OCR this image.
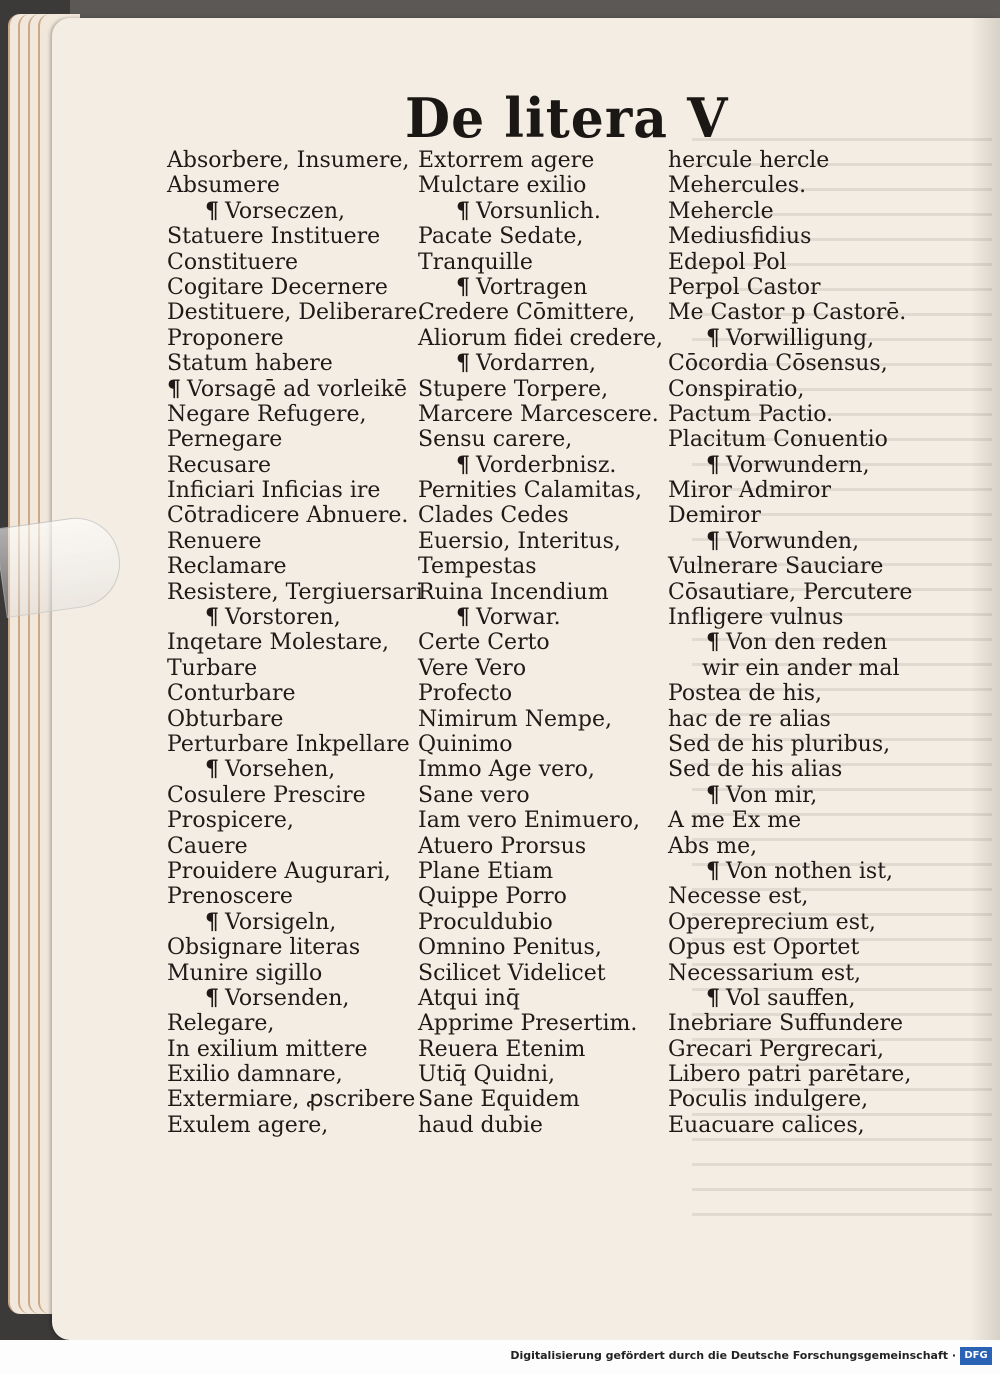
De litera V
Absorbere, Insumere,
Absumere
¶ Vorseczen,
Statuere Instituere
Constituere
Cogitare Decernere
Destituere, Deliberare.
Proponere
Statum habere
¶ Vorsagē ad vorleikē
Negare Refugere,
Pernegare
Recusare
Inficiari Inficias ire
Cōtradicere Abnuere.
Renuere
Reclamare
Resistere, Tergiuersari
¶ Vorstoren,
Inqetare Molestare,
Turbare
Conturbare
Obturbare
Perturbare Inkpellare
¶ Vorsehen,
Cosulere Prescire
Prospicere,
Cauere
Prouidere Augurari,
Prenoscere
¶ Vorsigeln,
Obsignare literas
Munire sigillo
¶ Vorsenden,
Relegare,
In exilium mittere
Exilio damnare,
Extermiare, ꝓscribere
Exulem agere,
Extorrem agere
Mulctare exilio
¶ Vorsunlich.
Pacate Sedate,
Tranquille
¶ Vortragen
Credere Cōmittere,
Aliorum fidei credere,
¶ Vordarren,
Stupere Torpere,
Marcere Marcescere.
Sensu carere,
¶ Vorderbnisz.
Pernities Calamitas,
Clades Cedes
Euersio, Interitus,
Tempestas
Ruina Incendium
¶ Vorwar.
Certe Certo
Vere Vero
Profecto
Nimirum Nempe,
Quinimo
Immo Age vero,
Sane vero
Iam vero Enimuero,
Atuero Prorsus
Plane Etiam
Quippe Porro
Proculdubio
Omnino Penitus,
Scilicet Videlicet
Atqui inq̄
Apprime Presertim.
Reuera Etenim
Utiq̄ Quidni,
Sane Equidem
haud dubie
hercule hercle
Mehercules.
Mehercle
Mediusfidius
Edepol Pol
Perpol Castor
Me Castor p Castorē.
¶ Vorwilligung,
Cōcordia Cōsensus,
Conspiratio,
Pactum Pactio.
Placitum Conuentio
¶ Vorwundern,
Miror Admiror
Demiror
¶ Vorwunden,
Vulnerare Sauciare
Cōsautiare, Percutere
Infligere vulnus
¶ Von den reden
wir ein ander mal
Postea de his,
hac de re alias
Sed de his pluribus,
Sed de his alias
¶ Von mir,
A me Ex me
Abs me,
¶ Von nothen ist,
Necesse est,
Opereprecium est,
Opus est Oportet
Necessarium est,
¶ Vol sauffen,
Inebriare Suffundere
Grecari Pergrecari,
Libero patri parētare,
Poculis indulgere,
Euacuare calices,
Digitalisierung gefördert durch die Deutsche Forschungsgemeinschaft · DFG
